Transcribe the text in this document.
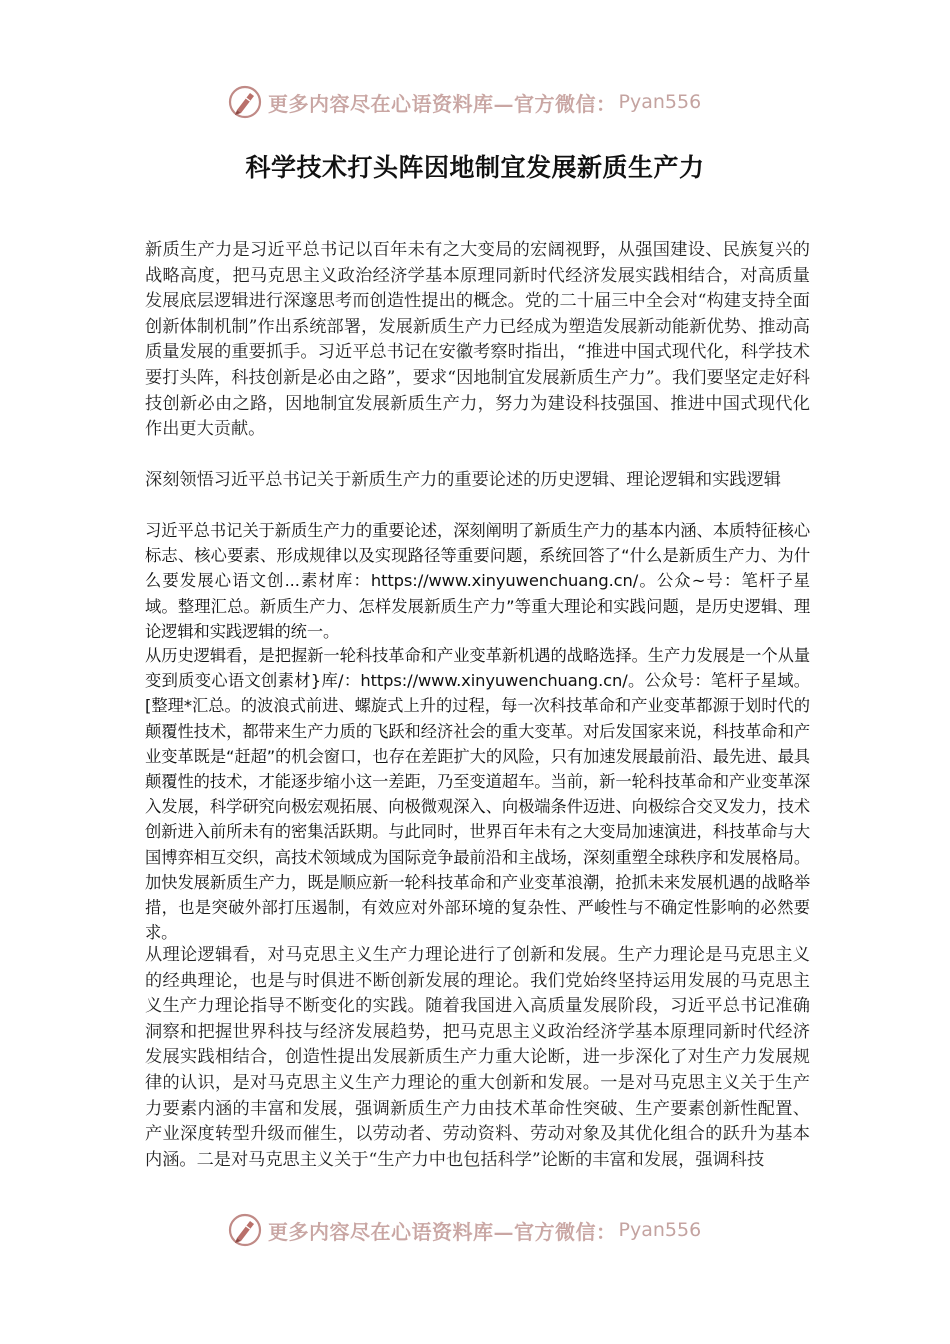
更多内容尽在心语资料库—官方微信： Pyan556
科学技术打头阵因地制宜发展新质生产力

新质生产力是习近平总书记以百年未有之大变局的宏阔视野，从强国建设、民族复兴的战略高度，把马克思主义政治经济学基本原理同新时代经济发展实践相结合，对高质量发展底层逻辑进行深邃思考而创造性提出的概念。党的二十届三中全会对“构建支持全面创新体制机制”作出系统部署，发展新质生产力已经成为塑造发展新动能新优势、推动高质量发展的重要抓手。习近平总书记在安徽考察时指出，“推进中国式现代化，科学技术要打头阵，科技创新是必由之路”，要求“因地制宜发展新质生产力”。我们要坚定走好科技创新必由之路，因地制宜发展新质生产力，努力为建设科技强国、推进中国式现代化作出更大贡献。

深刻领悟习近平总书记关于新质生产力的重要论述的历史逻辑、理论逻辑和实践逻辑

习近平总书记关于新质生产力的重要论述，深刻阐明了新质生产力的基本内涵、本质特征核心标志、核心要素、形成规律以及实现路径等重要问题，系统回答了“什么是新质生产力、为什么要发展心语文创...素材库：https://www.xinyuwenchuang.cn/。公众~号：笔杆子星域。整理汇总。新质生产力、怎样发展新质生产力”等重大理论和实践问题，是历史逻辑、理论逻辑和实践逻辑的统一。

从历史逻辑看，是把握新一轮科技革命和产业变革新机遇的战略选择。生产力发展是一个从量变到质变心语文创素材}库/：https://www.xinyuwenchuang.cn/。公众号：笔杆子星域。[整理*汇总。的波浪式前进、螺旋式上升的过程，每一次科技革命和产业变革都源于划时代的颠覆性技术，都带来生产力质的飞跃和经济社会的重大变革。对后发国家来说，科技革命和产业变革既是“赶超”的机会窗口，也存在差距扩大的风险，只有加速发展最前沿、最先进、最具颠覆性的技术，才能逐步缩小这一差距，乃至变道超车。当前，新一轮科技革命和产业变革深入发展，科学研究向极宏观拓展、向极微观深入、向极端条件迈进、向极综合交叉发力，技术创新进入前所未有的密集活跃期。与此同时，世界百年未有之大变局加速演进，科技革命与大国博弈相互交织，高技术领域成为国际竞争最前沿和主战场，深刻重塑全球秩序和发展格局。加快发展新质生产力，既是顺应新一轮科技革命和产业变革浪潮，抢抓未来发展机遇的战略举措，也是突破外部打压遏制，有效应对外部环境的复杂性、严峻性与不确定性影响的必然要求。

从理论逻辑看，对马克思主义生产力理论进行了创新和发展。生产力理论是马克思主义的经典理论，也是与时俱进不断创新发展的理论。我们党始终坚持运用发展的马克思主义生产力理论指导不断变化的实践。随着我国进入高质量发展阶段，习近平总书记准确洞察和把握世界科技与经济发展趋势，把马克思主义政治经济学基本原理同新时代经济发展实践相结合，创造性提出发展新质生产力重大论断，进一步深化了对生产力发展规律的认识，是对马克思主义生产力理论的重大创新和发展。一是对马克思主义关于生产力要素内涵的丰富和发展，强调新质生产力由技术革命性突破、生产要素创新性配置、产业深度转型升级而催生，以劳动者、劳动资料、劳动对象及其优化组合的跃升为基本内涵。二是对马克思主义关于“生产力中也包括科学”论断的丰富和发展，强调科技

更多内容尽在心语资料库—官方微信： Pyan556
